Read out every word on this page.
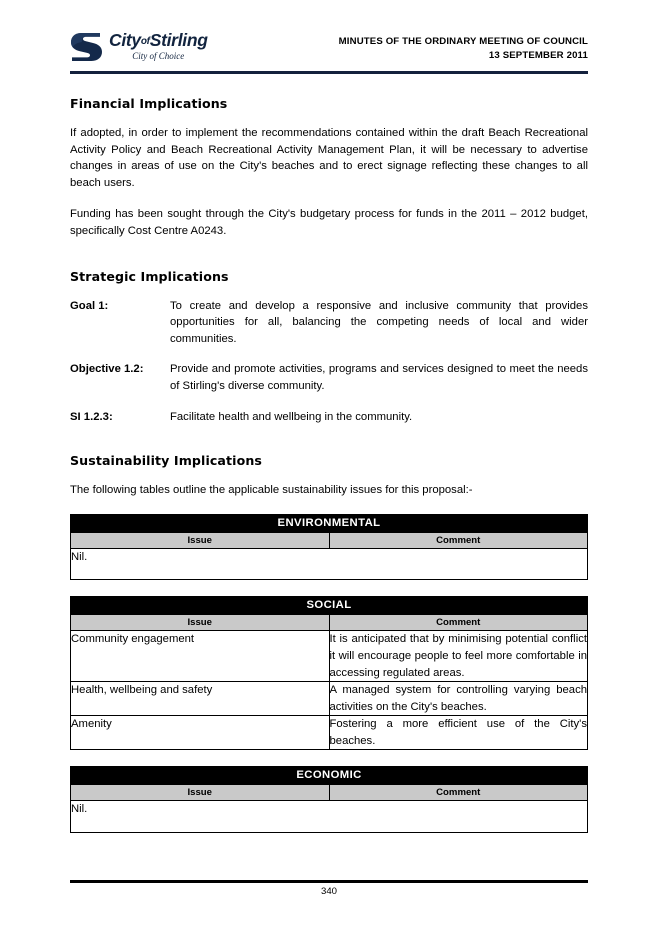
CityofStirling
City of Choice
MINUTES OF THE ORDINARY MEETING OF COUNCIL
13 SEPTEMBER 2011
Financial Implications

If adopted, in order to implement the recommendations contained within the draft Beach Recreational Activity Policy and Beach Recreational Activity Management Plan, it will be necessary to advertise changes in areas of use on the City's beaches and to erect signage reflecting these changes to all beach users.

Funding has been sought through the City's budgetary process for funds in the 2011 – 2012 budget, specifically Cost Centre A0243.

Strategic Implications
Goal 1:	To create and develop a responsive and inclusive community that provides opportunities for all, balancing the competing needs of local and wider communities.
Objective 1.2:	Provide and promote activities, programs and services designed to meet the needs of Stirling's diverse community.
SI 1.2.3:	Facilitate health and wellbeing in the community.
Sustainability Implications

The following tables outline the applicable sustainability issues for this proposal:-

ENVIRONMENTAL	
Issue	Comment
Nil.	
SOCIAL	
Issue	Comment
Community engagement	It is anticipated that by minimising potential conflict it will encourage people to feel more comfortable in accessing regulated areas.
Health, wellbeing and safety	A managed system for controlling varying beach activities on the City's beaches.
Amenity	Fostering a more efficient use of the City's beaches.
ECONOMIC	
Issue	Comment
Nil.	
340
